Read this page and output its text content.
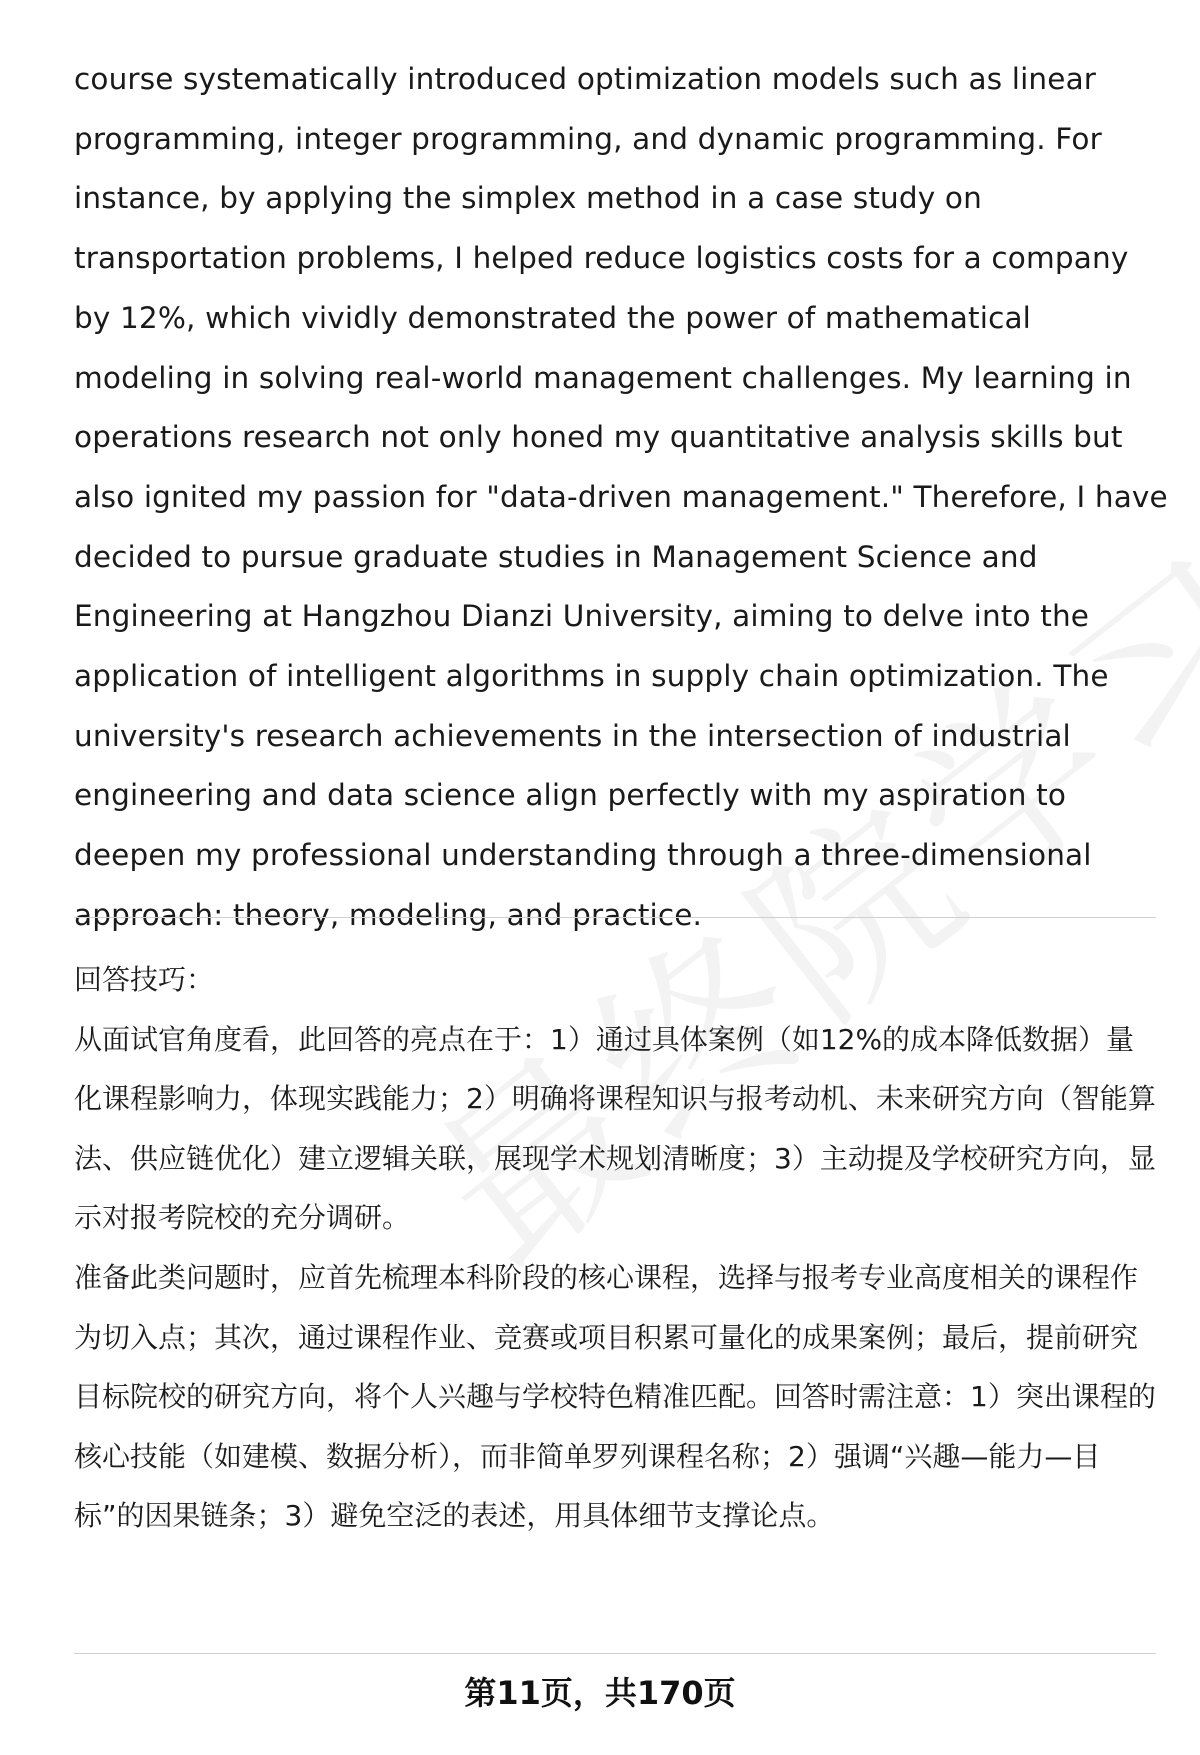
course systematically introduced optimization models such as linear programming, integer programming, and dynamic programming. For instance, by applying the simplex method in a case study on transportation problems, I helped reduce logistics costs for a company by 12%, which vividly demonstrated the power of mathematical modeling in solving real-world management challenges. My learning in operations research not only honed my quantitative analysis skills but also ignited my passion for "data-driven management." Therefore, I have decided to pursue graduate studies in Management Science and Engineering at Hangzhou Dianzi University, aiming to delve into the application of intelligent algorithms in supply chain optimization. The university's research achievements in the intersection of industrial engineering and data science align perfectly with my aspiration to deepen my professional understanding through a three-dimensional approach: theory, modeling, and practice.

回答技巧：

从面试官角度看，此回答的亮点在于：1）通过具体案例（如12%的成本降低数据）量化课程影响力，体现实践能力；2）明确将课程知识与报考动机、未来研究方向（智能算法、供应链优化）建立逻辑关联，展现学术规划清晰度；3）主动提及学校研究方向，显示对报考院校的充分调研。

准备此类问题时，应首先梳理本科阶段的核心课程，选择与报考专业高度相关的课程作为切入点；其次，通过课程作业、竞赛或项目积累可量化的成果案例；最后，提前研究目标院校的研究方向，将个人兴趣与学校特色精准匹配。回答时需注意：1）突出课程的核心技能（如建模、数据分析），而非简单罗列课程名称；2）强调“兴趣—能力—目标”的因果链条；3）避免空泛的表述，用具体细节支撑论点。

第11页，共170页
